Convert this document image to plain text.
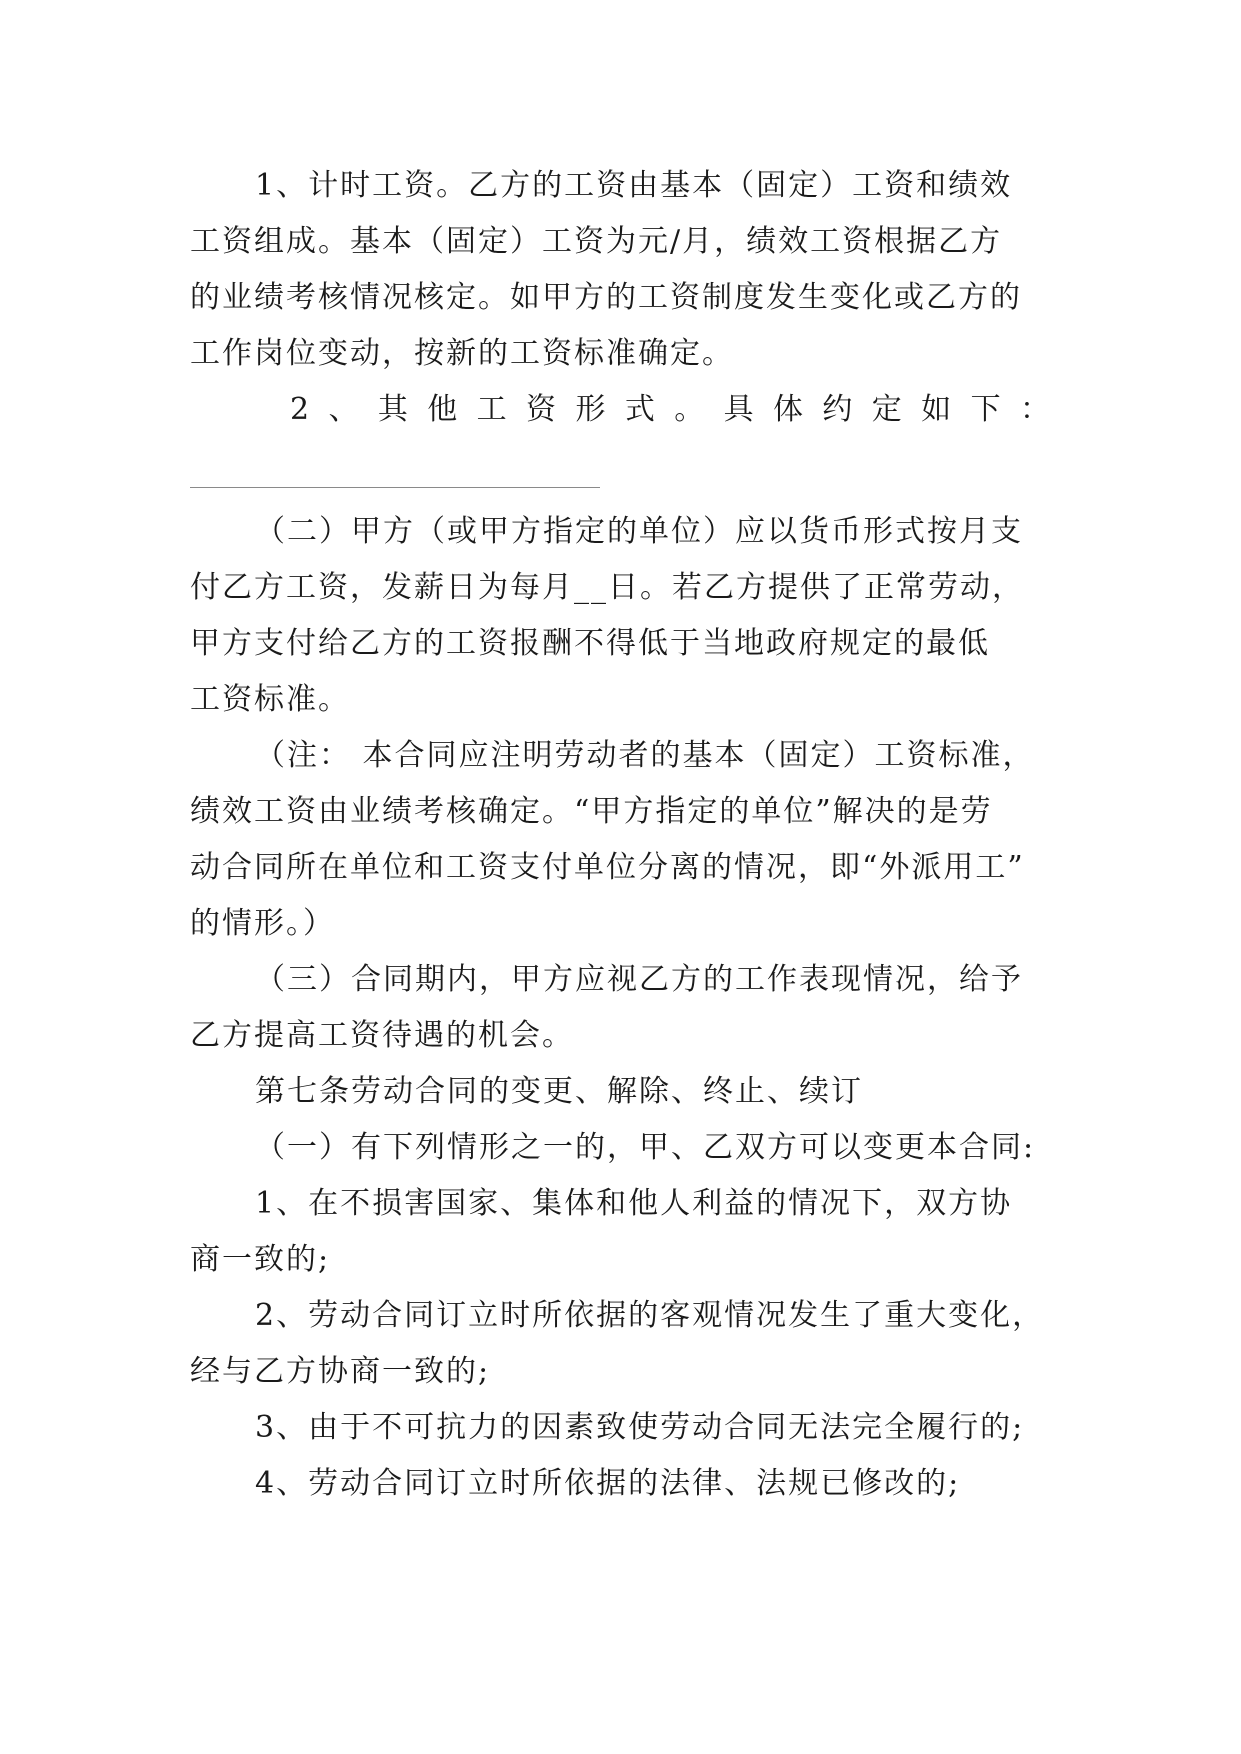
1、计时工资。乙方的工资由基本（固定）工资和绩效
工资组成。基本（固定）工资为元/月，绩效工资根据乙方
的业绩考核情况核定。如甲方的工资制度发生变化或乙方的
工作岗位变动，按新的工资标准确定。
2 、 其 他 工 资 形 式 。 具 体 约 定 如 下 ：
（二）甲方（或甲方指定的单位）应以货币形式按月支
付乙方工资，发薪日为每月__日。若乙方提供了正常劳动，
甲方支付给乙方的工资报酬不得低于当地政府规定的最低
工资标准。
（注： 本合同应注明劳动者的基本（固定）工资标准，
绩效工资由业绩考核确定。“甲方指定的单位”解决的是劳
动合同所在单位和工资支付单位分离的情况，即“外派用工”
的情形。）
（三）合同期内，甲方应视乙方的工作表现情况，给予
乙方提高工资待遇的机会。
第七条劳动合同的变更、解除、终止、续订
（一）有下列情形之一的，甲、乙双方可以变更本合同:
1、在不损害国家、集体和他人利益的情况下，双方协
商一致的;
2、劳动合同订立时所依据的客观情况发生了重大变化，
经与乙方协商一致的;
3、由于不可抗力的因素致使劳动合同无法完全履行的;
4、劳动合同订立时所依据的法律、法规已修改的;
